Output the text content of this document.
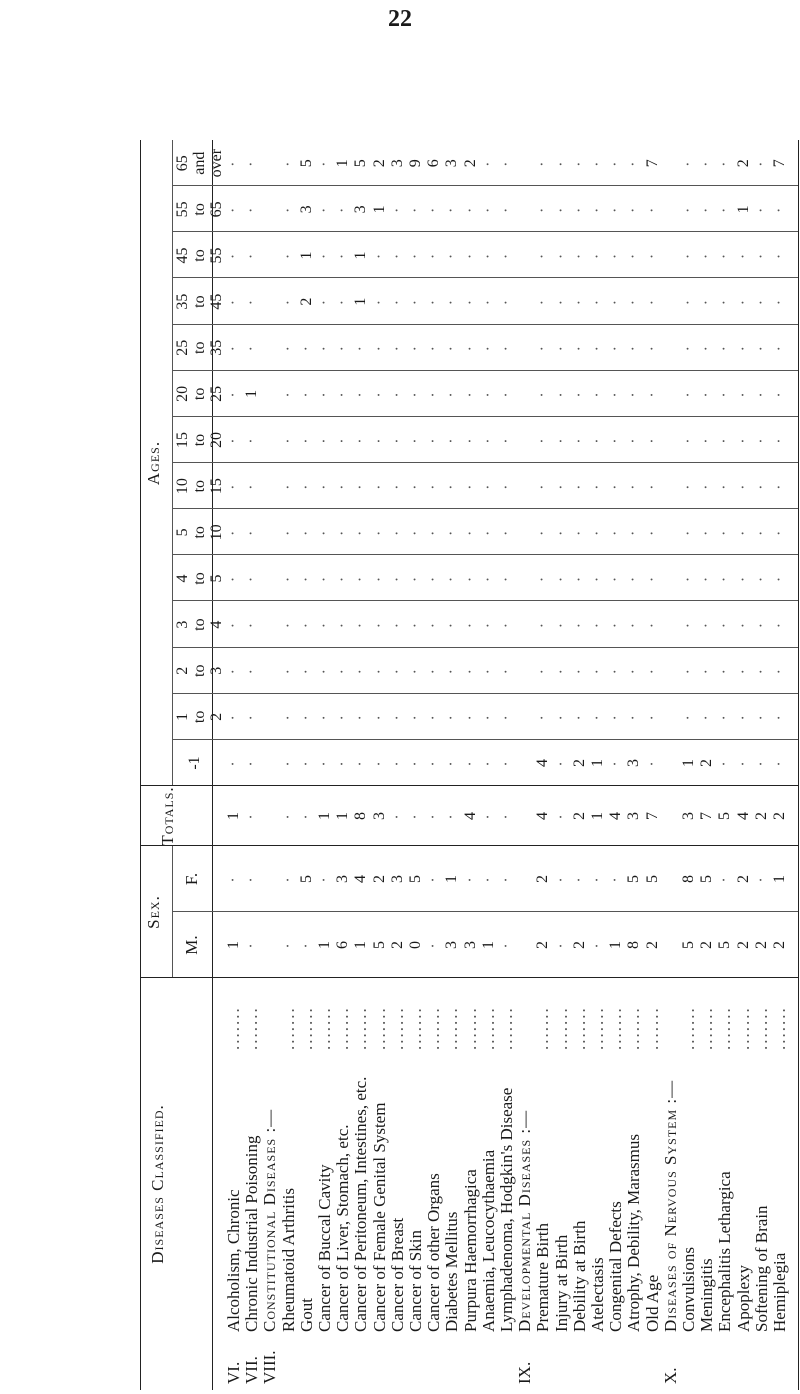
22
Diseases Classified.
Sex.
M.
F.
Totals.
Ages.
-1
1 to 2
2 to 3
3 to 4
4 to 5
5 to 10
10 to 15
15 to 20
20 to 25
25 to 35
35 to 45
45 to 55
55 to 65
65 and over
VI.
Alcoholism, Chronic
.......
1
·
1
·
·
·
·
·
·
·
·
·
·
·
·
·
·
VII.
Chronic Industrial Poisoning
.......
·
·
·
·
·
·
·
·
·
·
·
1
·
·
·
·
·
VIII.
Constitutional Diseases :— Rheumatoid Arthritis
.......
·
·
·
·
·
·
·
·
·
·
·
·
·
·
·
·
·
Gout
.......
·
5
·
·
·
·
·
·
·
·
·
·
·
2
1
3
5
Cancer of Buccal Cavity
.......
1
·
1
·
·
·
·
·
·
·
·
·
·
·
·
·
·
Cancer of Liver, Stomach, etc.
.......
6
3
1
·
·
·
·
·
·
·
·
·
·
·
·
·
1
Cancer of Peritoneum, Intestines, etc.
.......
1
4
8
·
·
·
·
·
·
·
·
·
·
1
1
3
5
Cancer of Female Genital System
.......
5
2
3
·
·
·
·
·
·
·
·
·
·
·
·
1
2
Cancer of Breast
.......
2
3
·
·
·
·
·
·
·
·
·
·
·
·
·
·
3
Cancer of Skin
.......
0
5
·
·
·
·
·
·
·
·
·
·
·
·
·
·
9
Cancer of other Organs
.......
·
·
·
·
·
·
·
·
·
·
·
·
·
·
·
·
6
Diabetes Mellitus
.......
3
1
·
·
·
·
·
·
·
·
·
·
·
·
·
·
3
Purpura Haemorrhagica
.......
3
·
4
·
·
·
·
·
·
·
·
·
·
·
·
·
2
Anaemia, Leucocythaemia
.......
1
·
·
·
·
·
·
·
·
·
·
·
·
·
·
·
·
Lymphadenoma, Hodgkin's Disease
.......
·
·
·
·
·
·
·
·
·
·
·
·
·
·
·
·
·
IX.
Developmental Diseases :— Premature Birth
.......
2
2
4
4
·
·
·
·
·
·
·
·
·
·
·
·
·
Injury at Birth
.......
·
·
·
·
·
·
·
·
·
·
·
·
·
·
·
·
·
Debility at Birth
.......
2
·
2
2
·
·
·
·
·
·
·
·
·
·
·
·
·
Atelectasis
.......
·
·
1
1
·
·
·
·
·
·
·
·
·
·
·
·
·
Congenital Defects
.......
1
·
4
·
·
·
·
·
·
·
·
·
·
·
·
·
·
Atrophy, Debility, Marasmus
.......
8
5
3
3
·
·
·
·
·
·
·
·
·
·
·
·
·
Old Age
.......
2
5
7
·
·
·
·
·
·
·
·
·
·
·
·
·
7
X.
Diseases of Nervous System :— Convulsions
.......
5
8
3
1
·
·
·
·
·
·
·
·
·
·
·
·
·
Meningitis
.......
2
5
7
2
·
·
·
·
·
·
·
·
·
·
·
·
·
Encephalitis Lethargica
.......
5
·
5
·
·
·
·
·
·
·
·
·
·
·
·
·
·
Apoplexy
.......
2
2
4
·
·
·
·
·
·
·
·
·
·
·
·
1
2
Softening of Brain
.......
2
·
2
·
·
·
·
·
·
·
·
·
·
·
·
·
·
Hemiplegia
.......
2
1
2
·
·
·
·
·
·
·
·
·
·
·
·
·
7
